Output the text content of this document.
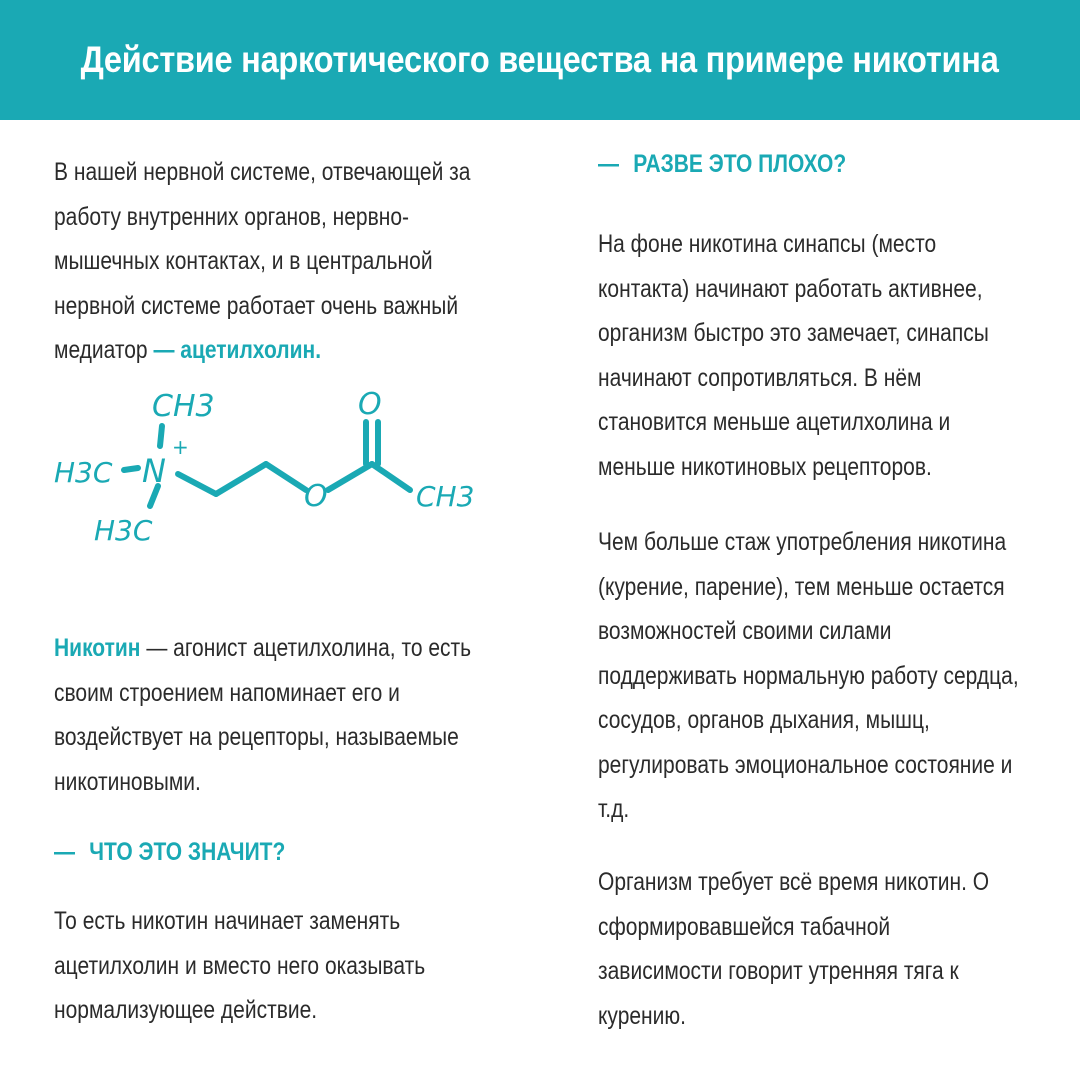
Действие наркотического вещества на примере никотина

В нашей нервной системе, отвечающей за работу внутренних органов, нервно-мышечных контактах, и в центральной нервной системе работает очень важный медиатор — ацетилхолин.

CH3
H3C N
+
H3C
O
O	CH3

Никотин — агонист ацетилхолина, то есть своим строением напоминает его и воздействует на рецепторы, называемые никотиновыми.

— ЧТО ЭТО ЗНАЧИТ?

То есть никотин начинает заменять ацетилхолин и вместо него оказывать нормализующее действие.

— РАЗВЕ ЭТО ПЛОХО?

На фоне никотина синапсы (место контакта) начинают работать активнее, организм быстро это замечает, синапсы начинают сопротивляться. В нём становится меньше ацетилхолина и меньше никотиновых рецепторов.

Чем больше стаж употребления никотина (курение, парение), тем меньше остается возможностей своими силами поддерживать нормальную работу сердца, сосудов, органов дыхания, мышц, регулировать эмоциональное состояние и т.д.

Организм требует всё время никотин. О сформировавшейся табачной зависимости говорит утренняя тяга к курению.
